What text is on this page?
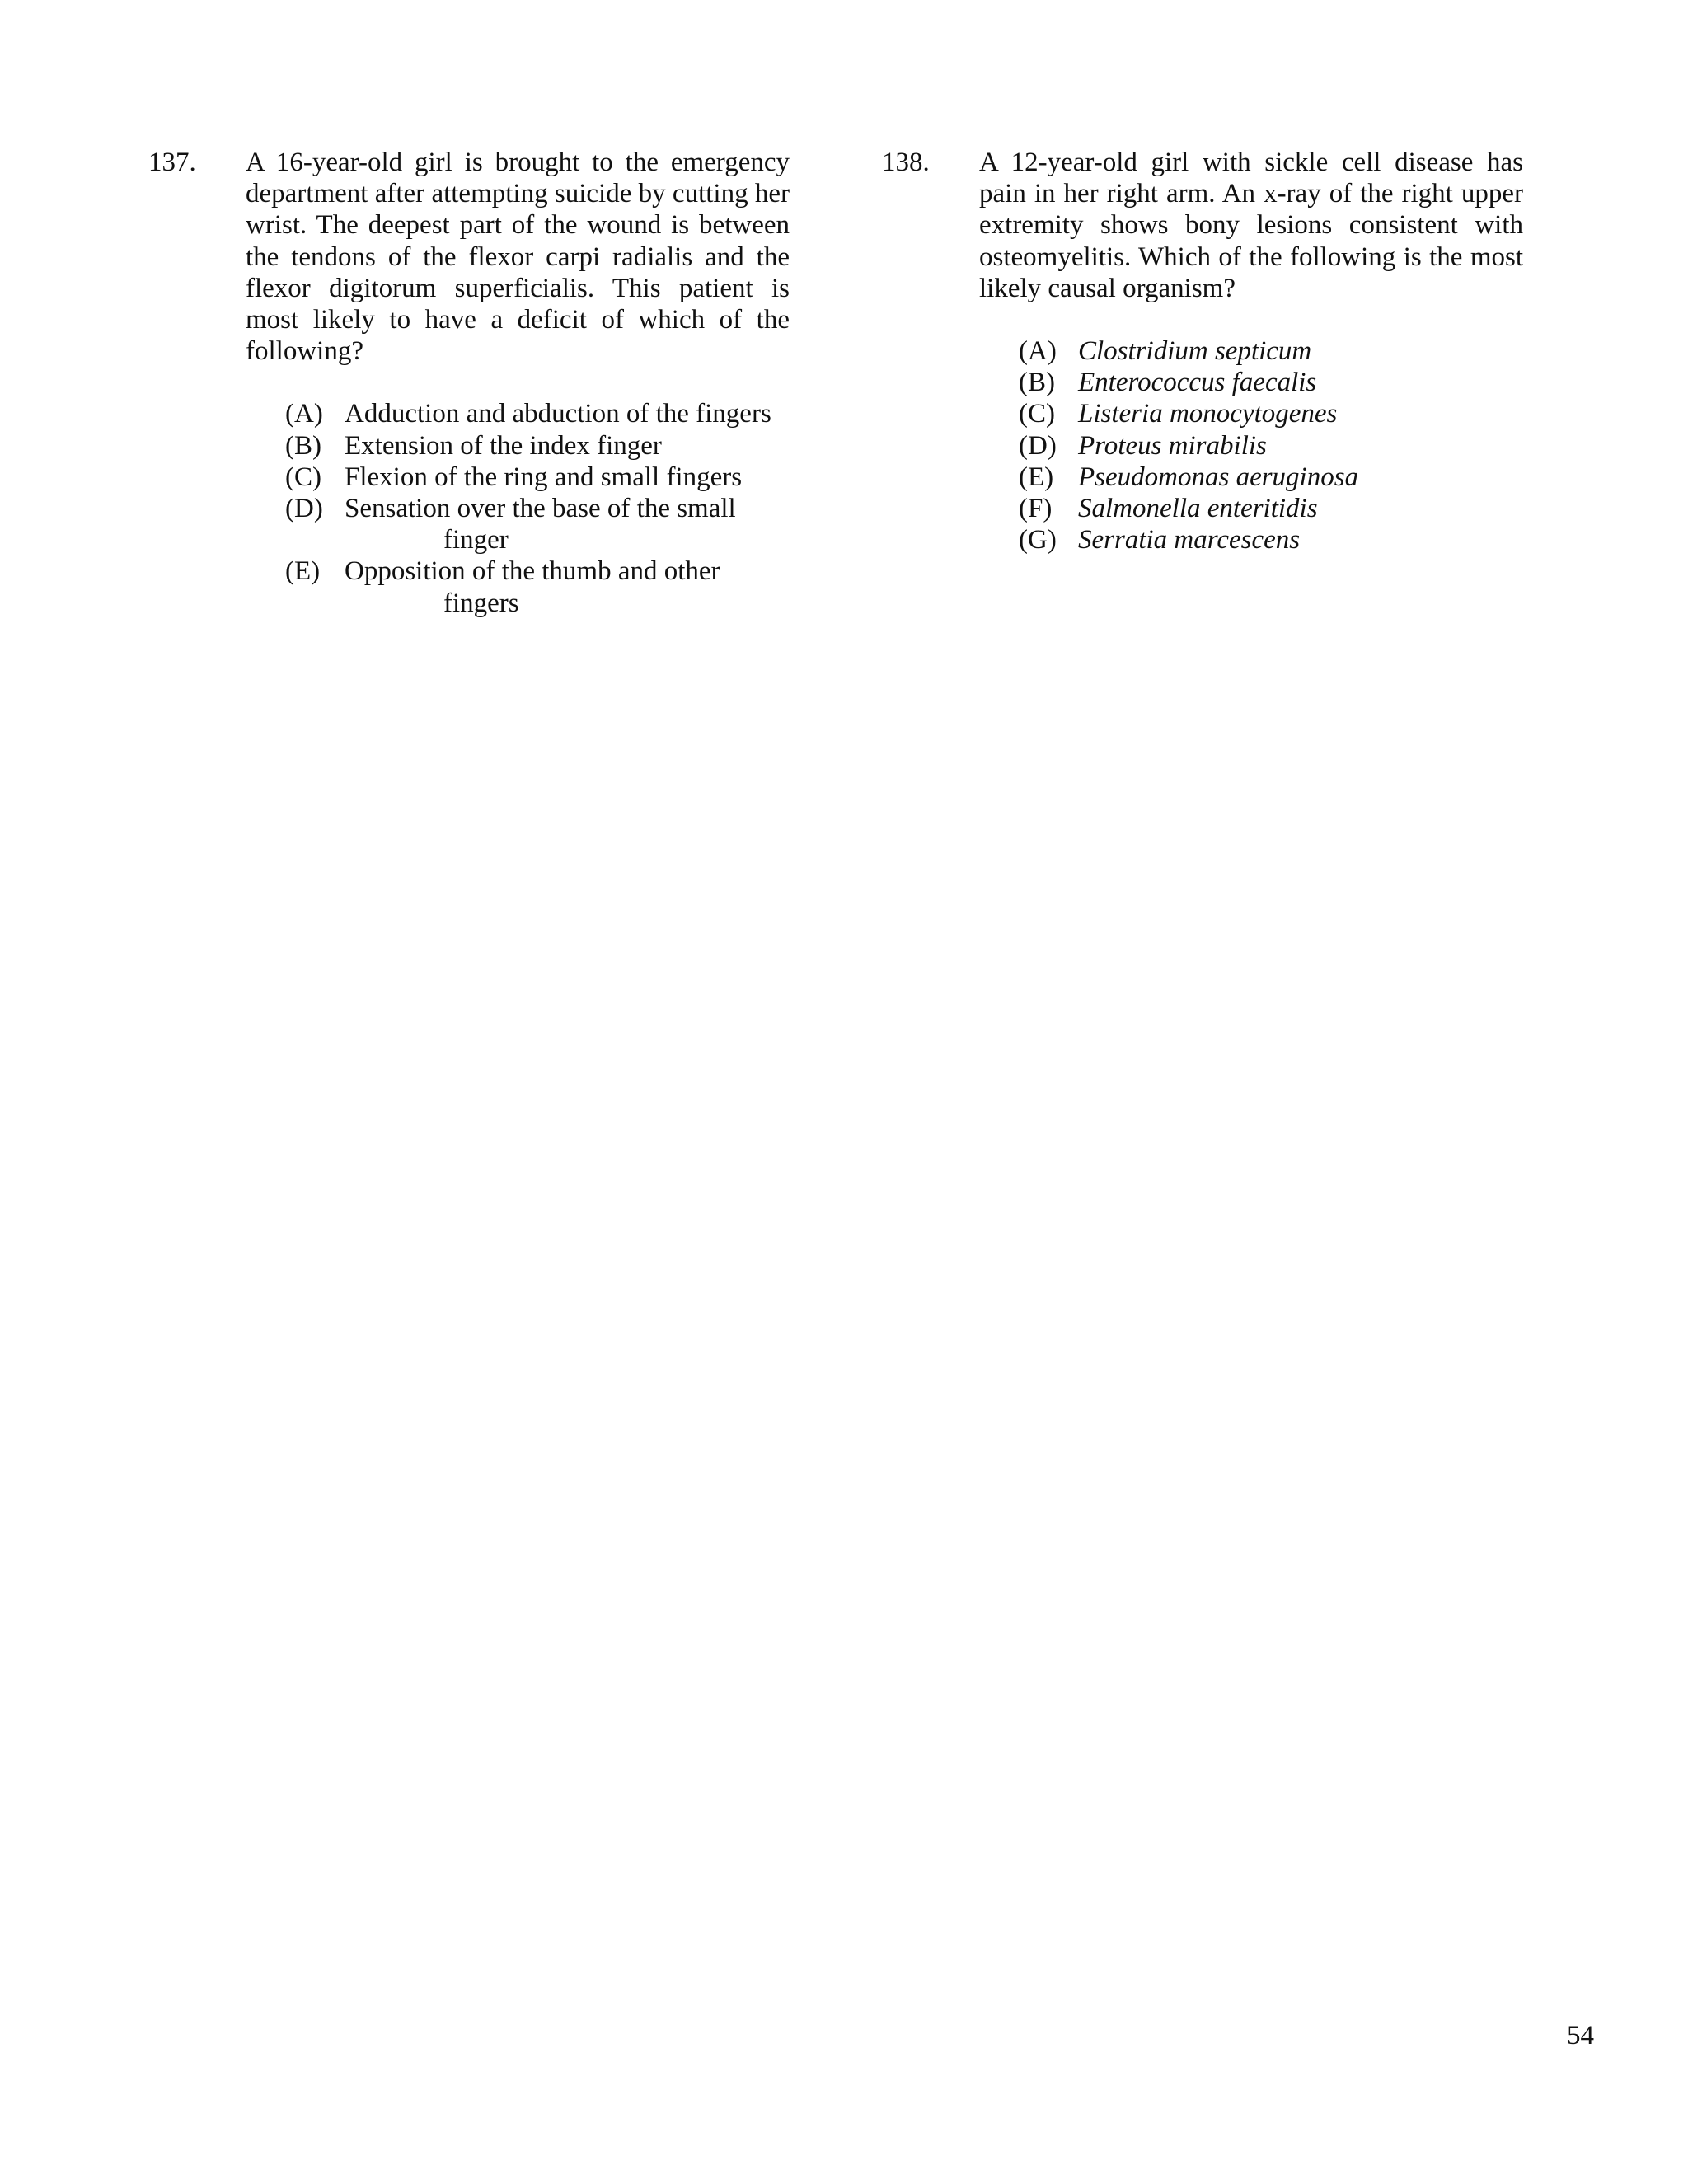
137. A 16-year-old girl is brought to the emergency department after attempting suicide by cutting her wrist. The deepest part of the wound is between the tendons of the flexor carpi radialis and the flexor digitorum superficialis. This patient is most likely to have a deficit of which of the following?
(A) Adduction and abduction of the fingers
(B) Extension of the index finger
(C) Flexion of the ring and small fingers
(D) Sensation over the base of the small finger
(E) Opposition of the thumb and other fingers
138. A 12-year-old girl with sickle cell disease has pain in her right arm. An x-ray of the right upper extremity shows bony lesions consistent with osteomyelitis. Which of the following is the most likely causal organism?
(A) Clostridium septicum
(B) Enterococcus faecalis
(C) Listeria monocytogenes
(D) Proteus mirabilis
(E) Pseudomonas aeruginosa
(F) Salmonella enteritidis
(G) Serratia marcescens
54
